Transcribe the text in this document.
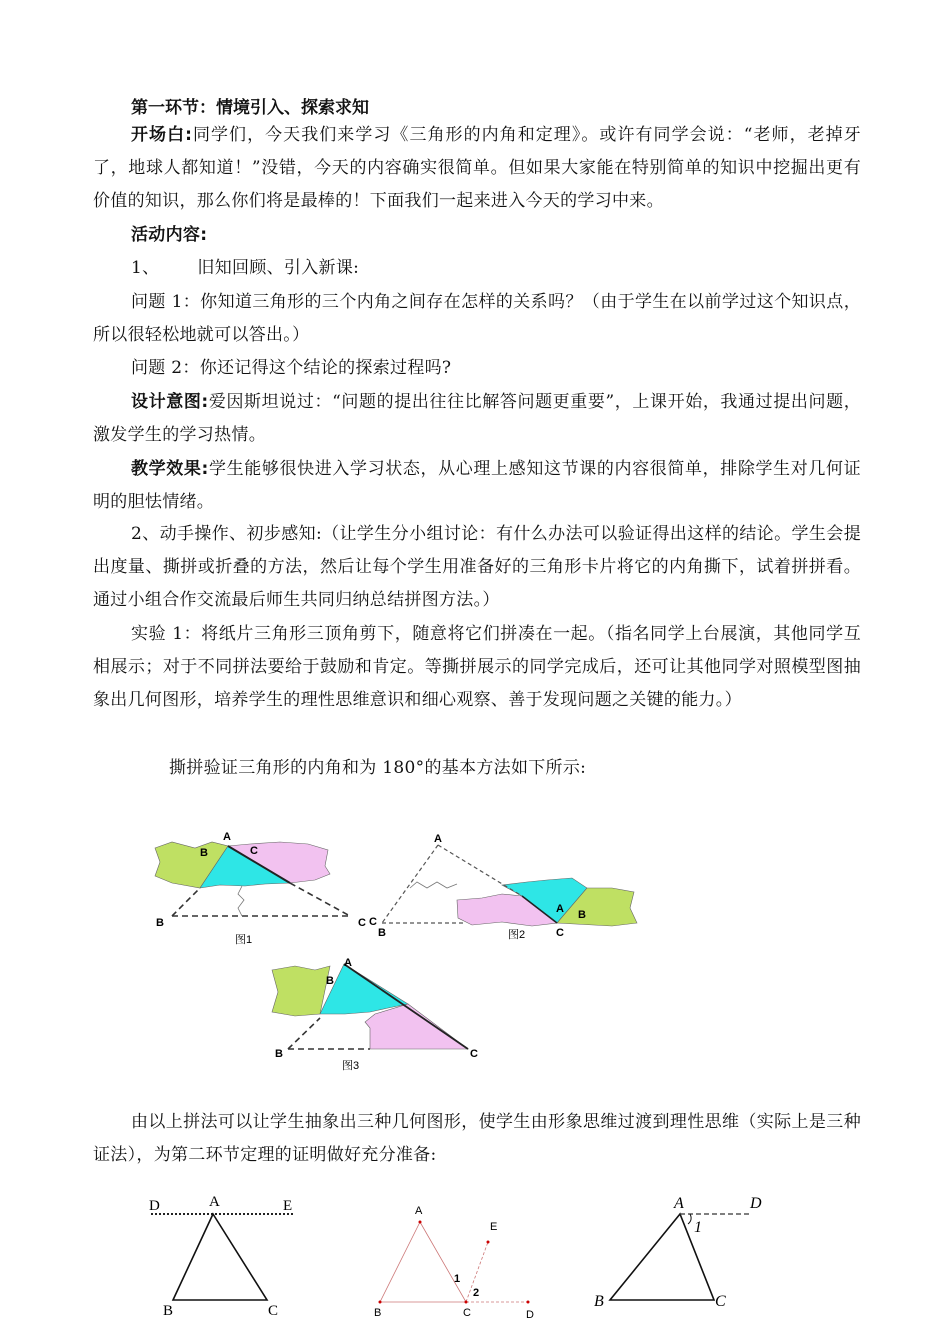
第一环节：情境引入、探索求知

开场白:同学们，今天我们来学习《三角形的内角和定理》。或许有同学会说：“老师，老掉牙了，地球人都知道！”没错，今天的内容确实很简单。但如果大家能在特别简单的知识中挖掘出更有价值的知识，那么你们将是最棒的！下面我们一起来进入今天的学习中来。

活动内容:

1、 旧知回顾、引入新课:

问题 1：你知道三角形的三个内角之间存在怎样的关系吗？（由于学生在以前学过这个知识点，所以很轻松地就可以答出。）

问题 2：你还记得这个结论的探索过程吗?

设计意图:爱因斯坦说过：“问题的提出往往比解答问题更重要”，上课开始，我通过提出问题，激发学生的学习热情。

教学效果:学生能够很快进入学习状态，从心理上感知这节课的内容很简单，排除学生对几何证明的胆怯情绪。

2、动手操作、初步感知:（让学生分小组讨论：有什么办法可以验证得出这样的结论。学生会提出度量、撕拼或折叠的方法，然后让每个学生用准备好的三角形卡片将它的内角撕下，试着拼拼看。通过小组合作交流最后师生共同归纳总结拼图方法。）

实验 1：将纸片三角形三顶角剪下，随意将它们拼凑在一起。（指名同学上台展演，其他同学互相展示；对于不同拼法要给于鼓励和肯定。等撕拼展示的同学完成后，还可让其他同学对照模型图抽象出几何图形，培养学生的理性思维意识和细心观察、善于发现问题之关键的能力。）

撕拼验证三角形的内角和为 180°的基本方法如下所示:

A
B	C
B	C
图1
A
A B
B	C
C
图2
A
B
B	C
图3

由以上拼法可以让学生抽象出三种几何图形，使学生由形象思维过渡到理性思维（实际上是三种证法），为第二环节定理的证明做好充分准备:

D	A	E
B	C
A
E
1
2
B	C	D
A	D
1
B	C
